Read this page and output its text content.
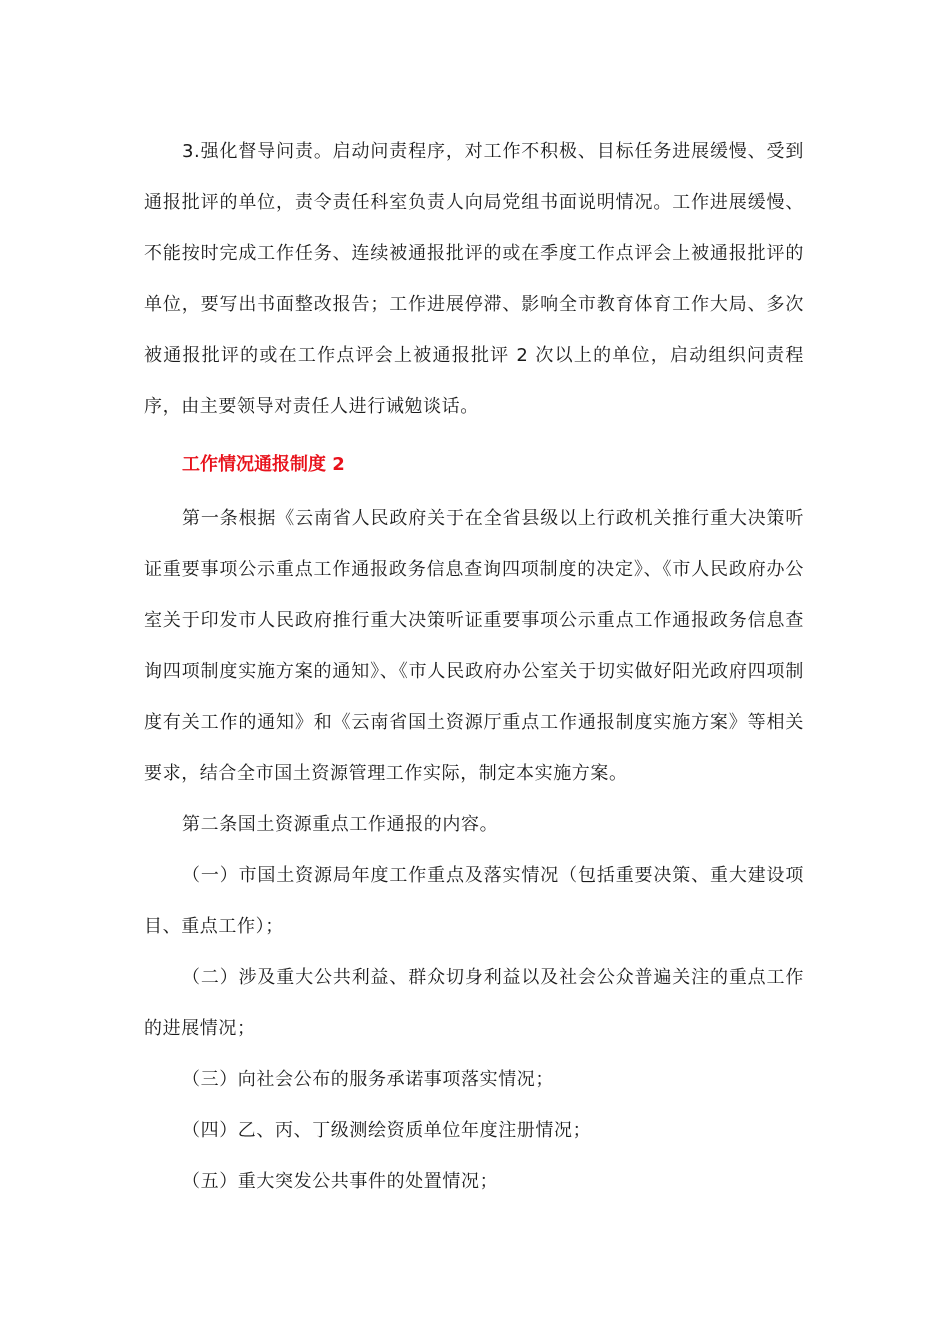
3.强化督导问责。启动问责程序，对工作不积极、目标任务进展缓慢、受到通报批评的单位，责令责任科室负责人向局党组书面说明情况。工作进展缓慢、不能按时完成工作任务、连续被通报批评的或在季度工作点评会上被通报批评的单位，要写出书面整改报告；工作进展停滞、影响全市教育体育工作大局、多次被通报批评的或在工作点评会上被通报批评 2 次以上的单位，启动组织问责程序，由主要领导对责任人进行诫勉谈话。

工作情况通报制度 2

第一条根据《云南省人民政府关于在全省县级以上行政机关推行重大决策听证重要事项公示重点工作通报政务信息查询四项制度的决定》、《市人民政府办公室关于印发市人民政府推行重大决策听证重要事项公示重点工作通报政务信息查询四项制度实施方案的通知》、《市人民政府办公室关于切实做好阳光政府四项制度有关工作的通知》和《云南省国土资源厅重点工作通报制度实施方案》等相关要求，结合全市国土资源管理工作实际，制定本实施方案。

第二条国土资源重点工作通报的内容。

（一）市国土资源局年度工作重点及落实情况（包括重要决策、重大建设项目、重点工作）；

（二）涉及重大公共利益、群众切身利益以及社会公众普遍关注的重点工作的进展情况；

（三）向社会公布的服务承诺事项落实情况；

（四）乙、丙、丁级测绘资质单位年度注册情况；

（五）重大突发公共事件的处置情况；
